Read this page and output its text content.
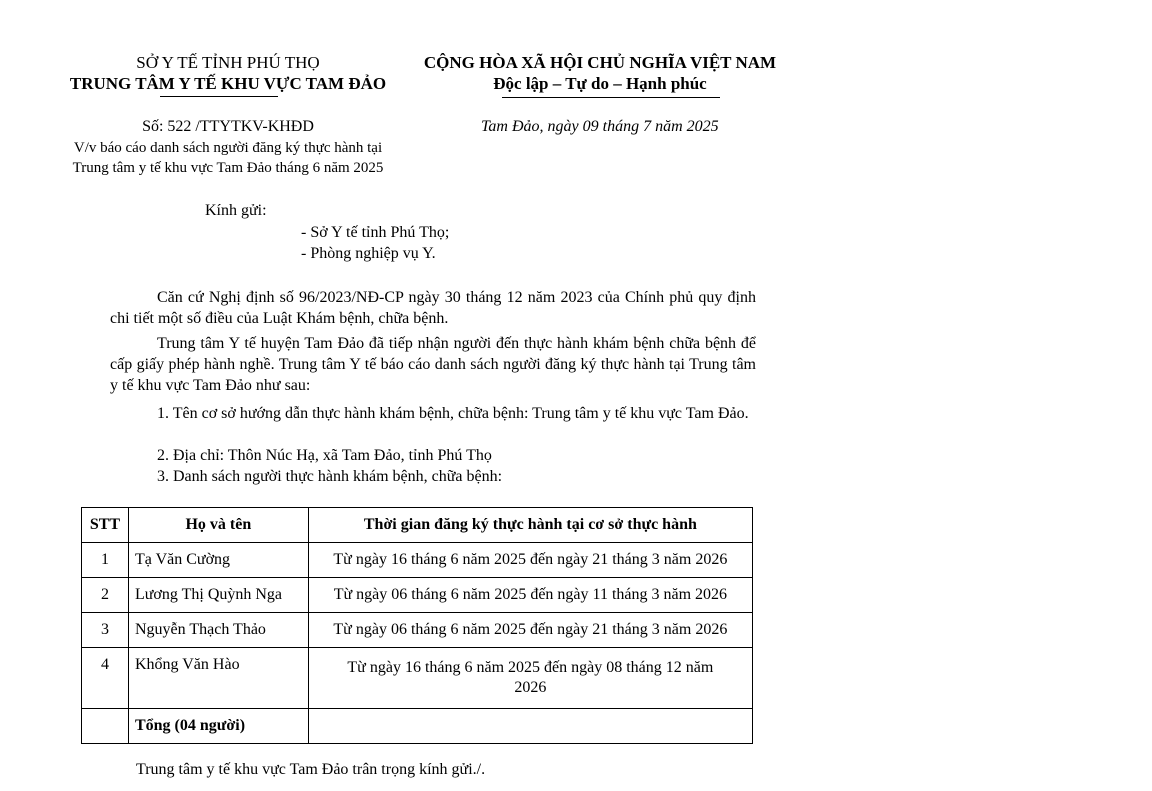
SỞ Y TẾ TỈNH PHÚ THỌ
TRUNG TÂM Y TẾ KHU VỰC TAM ĐẢO
CỘNG HÒA XÃ HỘI CHỦ NGHĨA VIỆT NAM
Độc lập – Tự do – Hạnh phúc
Số: 522 /TTYTKV-KHĐD	Tam Đảo, ngày 09 tháng 7 năm 2025
V/v báo cáo danh sách người đăng ký thực hành tại
Trung tâm y tế khu vực Tam Đảo tháng 6 năm 2025
Kính gửi:
- Sở Y tế tỉnh Phú Thọ;
- Phòng nghiệp vụ Y.
Căn cứ Nghị định số 96/2023/NĐ-CP ngày 30 tháng 12 năm 2023 của Chính phủ quy định chi tiết một số điều của Luật Khám bệnh, chữa bệnh.
Trung tâm Y tế huyện Tam Đảo đã tiếp nhận người đến thực hành khám bệnh chữa bệnh để cấp giấy phép hành nghề. Trung tâm Y tế báo cáo danh sách người đăng ký thực hành tại Trung tâm y tế khu vực Tam Đảo như sau:
1. Tên cơ sở hướng dẫn thực hành khám bệnh, chữa bệnh: Trung tâm y tế khu vực Tam Đảo.
2. Địa chỉ: Thôn Núc Hạ, xã Tam Đảo, tỉnh Phú Thọ
3. Danh sách người thực hành khám bệnh, chữa bệnh:
STT	Họ và tên	Thời gian đăng ký thực hành tại cơ sở thực hành
1	Tạ Văn Cường	Từ ngày 16 tháng 6 năm 2025 đến ngày 21 tháng 3 năm 2026
2	Lương Thị Quỳnh Nga	Từ ngày 06 tháng 6 năm 2025 đến ngày 11 tháng 3 năm 2026
3	Nguyễn Thạch Thảo	Từ ngày 06 tháng 6 năm 2025 đến ngày 21 tháng 3 năm 2026
4	Khổng Văn Hào	Từ ngày 16 tháng 6 năm 2025 đến ngày 08 tháng 12 năm 2026
	Tổng (04 người)	
Trung tâm y tế khu vực Tam Đảo trân trọng kính gửi./.
